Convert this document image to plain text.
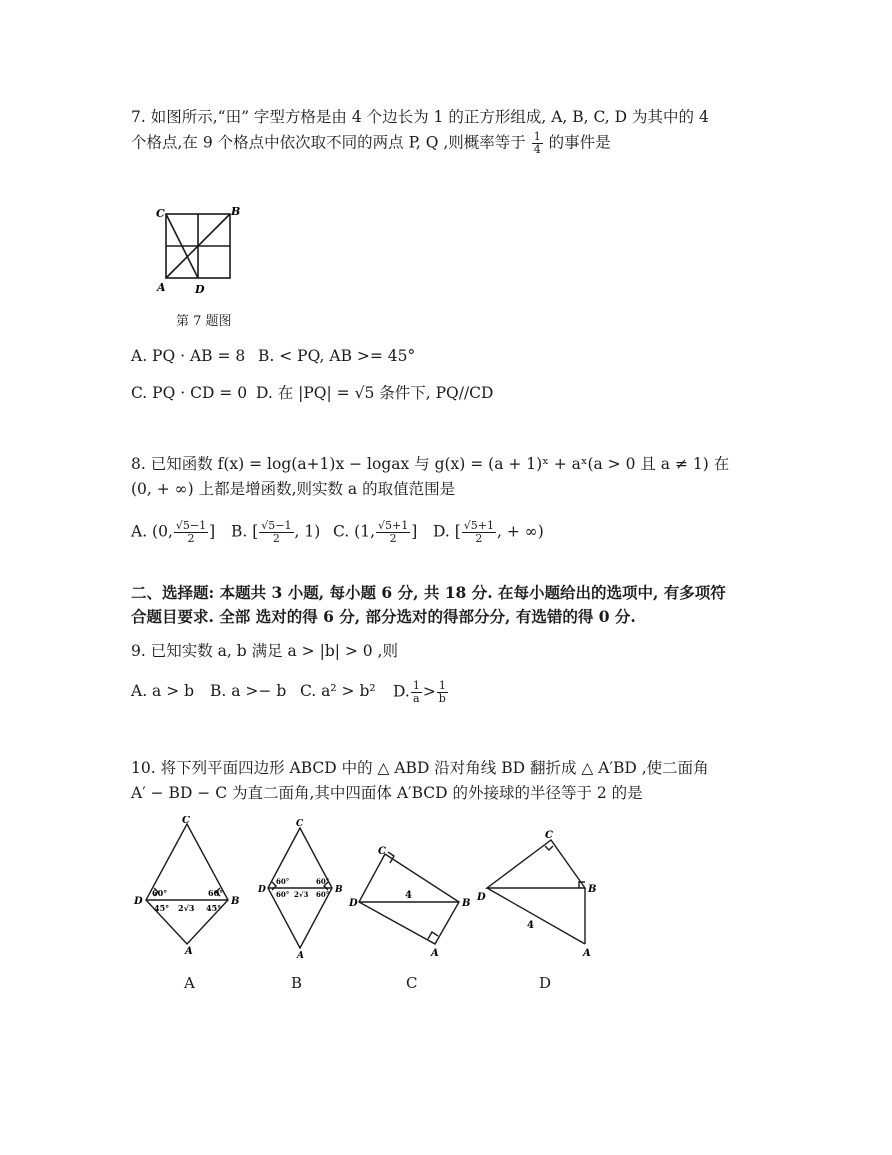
7. 如图所示,“田” 字型方格是由 4 个边长为 1 的正方形组成, A, B, C, D 为其中的 4
个格点,在 9 个格点中依次取不同的两点 P, Q ,则概率等于 $\frac{1}{4}$ 的事件是
C	B
A	D
第 7 题图
A. PQ · AB = 8 B. < PQ, AB >= 45°
C. PQ · CD = 0 D. 在 |PQ| = √5 条件下, PQ//CD
8. 已知函数 f(x) = log(a+1)x − logax 与 g(x) = (a + 1)ˣ + aˣ(a > 0 且 a ≠ 1) 在
(0, + ∞) 上都是增函数,则实数 a 的取值范围是
A. (0, $\frac{√5-1}{2}$ ] B. [ $\frac{√5-1}{2}$ , 1) C. (1, $\frac{√5+1}{2}$ ] D. [ $\frac{√5+1}{2}$ , + ∞)
二、选择题: 本题共 3 小题, 每小题 6 分, 共 18 分. 在每小题给出的选项中, 有多项符
合题目要求. 全部 选对的得 6 分, 部分选对的得部分分, 有选错的得 0 分.
9. 已知实数 a, b 满足 a > |b| > 0 ,则
A. a > b B. a >− b C. a² > b² D. $\frac{1}{a} > \frac{1}{b}$
10. 将下列平面四边形 ABCD 中的 △ ABD 沿对角线 BD 翻折成 △ A′BD ,使二面角
A′ − BD − C 为直二面角,其中四面体 A′BCD 的外接球的半径等于 2 的是
C
D	B
A
60°	60°
45°	45°
2√3
C
D	B
A
60°	60°
60°	60°
2√3
C
D	B
A
4
C
D
B
A
4
A	B	C	D
